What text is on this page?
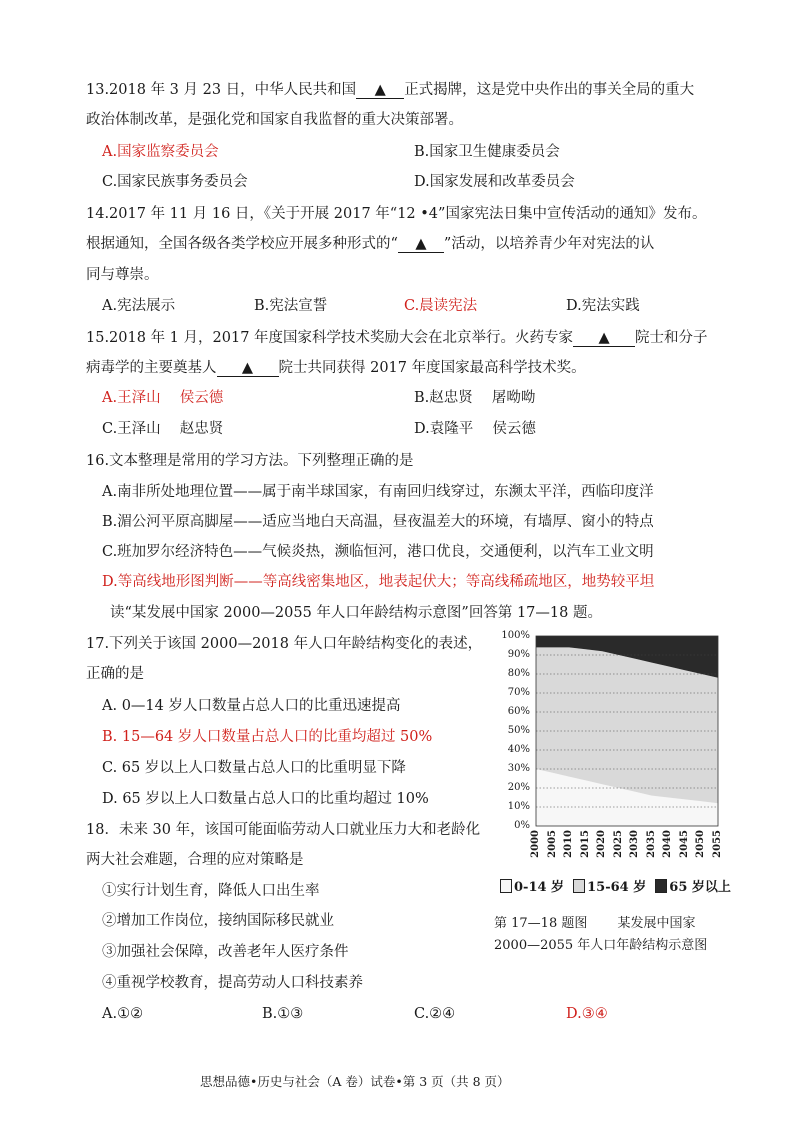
13.2018 年 3 月 23 日，中华人民共和国 ▲ 正式揭牌，这是党中央作出的事关全局的重大
政治体制改革，是强化党和国家自我监督的重大决策部署。
A.国家监察委员会	B.国家卫生健康委员会
C.国家民族事务委员会	D.国家发展和改革委员会
14.2017 年 11 月 16 日，《关于开展 2017 年“12 •4”国家宪法日集中宣传活动的通知》发布。
根据通知，全国各级各类学校应开展多种形式的“ ▲ ”活动，以培养青少年对宪法的认
同与尊崇。
A.宪法展示	B.宪法宣誓	C.晨读宪法	D.宪法实践
15.2018 年 1 月，2017 年度国家科学技术奖励大会在北京举行。火药专家 ▲ 院士和分子
病毒学的主要奠基人 ▲ 院士共同获得 2017 年度国家最高科学技术奖。
A.王泽山　 侯云德	B.赵忠贤　 屠呦呦
C.王泽山　 赵忠贤	D.袁隆平　 侯云德
16.文本整理是常用的学习方法。下列整理正确的是
A.南非所处地理位置——属于南半球国家，有南回归线穿过，东濒太平洋，西临印度洋
B.湄公河平原高脚屋——适应当地白天高温，昼夜温差大的环境，有墙厚、窗小的特点
C.班加罗尔经济特色——气候炎热，濒临恒河，港口优良，交通便利，以汽车工业文明
D.等高线地形图判断——等高线密集地区，地表起伏大；等高线稀疏地区，地势较平坦
读“某发展中国家 2000—2055 年人口年龄结构示意图”回答第 17—18 题。
17.下列关于该国 2000—2018 年人口年龄结构变化的表述，
正确的是
A. 0—14 岁人口数量占总人口的比重迅速提高
B. 15—64 岁人口数量占总人口的比重均超过 50%
C. 65 岁以上人口数量占总人口的比重明显下降
D. 65 岁以上人口数量占总人口的比重均超过 10%
18．未来 30 年，该国可能面临劳动人口就业压力大和老龄化
两大社会难题，合理的应对策略是
①实行计划生育，降低人口出生率
②增加工作岗位，接纳国际移民就业
③加强社会保障，改善老年人医疗条件
④重视学校教育，提高劳动人口科技素养
A.①②	B.①③	C.②④	D.③④
100%
90%
80%
70%
60%
50%
40%
30%
20%
10%
0%
2000 2005 2010 2015 2020 2025 2030 2035 2040 2045 2050 2055
0-14 岁 15-64 岁 65 岁以上
第 17—18 题图　　 某发展中国家
2000—2055 年人口年龄结构示意图
思想品德•历史与社会（A 卷）试卷•第 3 页（共 8 页）
